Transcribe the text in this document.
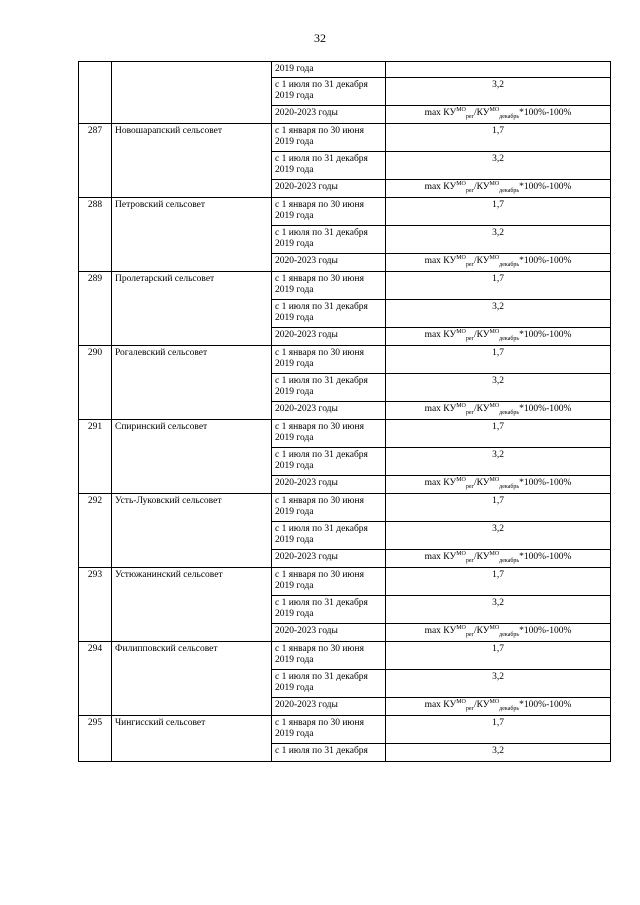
32
		2019 года	
		с 1 июля по 31 декабря 2019 года	3,2
		2020-2023 годы	$\max КУ^{МО}_{рег}/КУ^{МО}_{декабрь}*100\%-100\%$
287	Новошарапский сельсовет	с 1 января по 30 июня 2019 года	1,7
		с 1 июля по 31 декабря 2019 года	3,2
		2020-2023 годы	$\max КУ^{МО}_{рег}/КУ^{МО}_{декабрь}*100\%-100\%$
288	Петровский сельсовет	с 1 января по 30 июня 2019 года	1,7
		с 1 июля по 31 декабря 2019 года	3,2
		2020-2023 годы	$\max КУ^{МО}_{рег}/КУ^{МО}_{декабрь}*100\%-100\%$
289	Пролетарский сельсовет	с 1 января по 30 июня 2019 года	1,7
		с 1 июля по 31 декабря 2019 года	3,2
		2020-2023 годы	$\max КУ^{МО}_{рег}/КУ^{МО}_{декабрь}*100\%-100\%$
290	Рогалевский сельсовет	с 1 января по 30 июня 2019 года	1,7
		с 1 июля по 31 декабря 2019 года	3,2
		2020-2023 годы	$\max КУ^{МО}_{рег}/КУ^{МО}_{декабрь}*100\%-100\%$
291	Спиринский сельсовет	с 1 января по 30 июня 2019 года	1,7
		с 1 июля по 31 декабря 2019 года	3,2
		2020-2023 годы	$\max КУ^{МО}_{рег}/КУ^{МО}_{декабрь}*100\%-100\%$
292	Усть-Луковский сельсовет	с 1 января по 30 июня 2019 года	1,7
		с 1 июля по 31 декабря 2019 года	3,2
		2020-2023 годы	$\max КУ^{МО}_{рег}/КУ^{МО}_{декабрь}*100\%-100\%$
293	Устюжанинский сельсовет	с 1 января по 30 июня 2019 года	1,7
		с 1 июля по 31 декабря 2019 года	3,2
		2020-2023 годы	$\max КУ^{МО}_{рег}/КУ^{МО}_{декабрь}*100\%-100\%$
294	Филипповский сельсовет	с 1 января по 30 июня 2019 года	1,7
		с 1 июля по 31 декабря 2019 года	3,2
		2020-2023 годы	$\max КУ^{МО}_{рег}/КУ^{МО}_{декабрь}*100\%-100\%$
295	Чингисский сельсовет	с 1 января по 30 июня 2019 года	1,7
		с 1 июля по 31 декабря	3,2
